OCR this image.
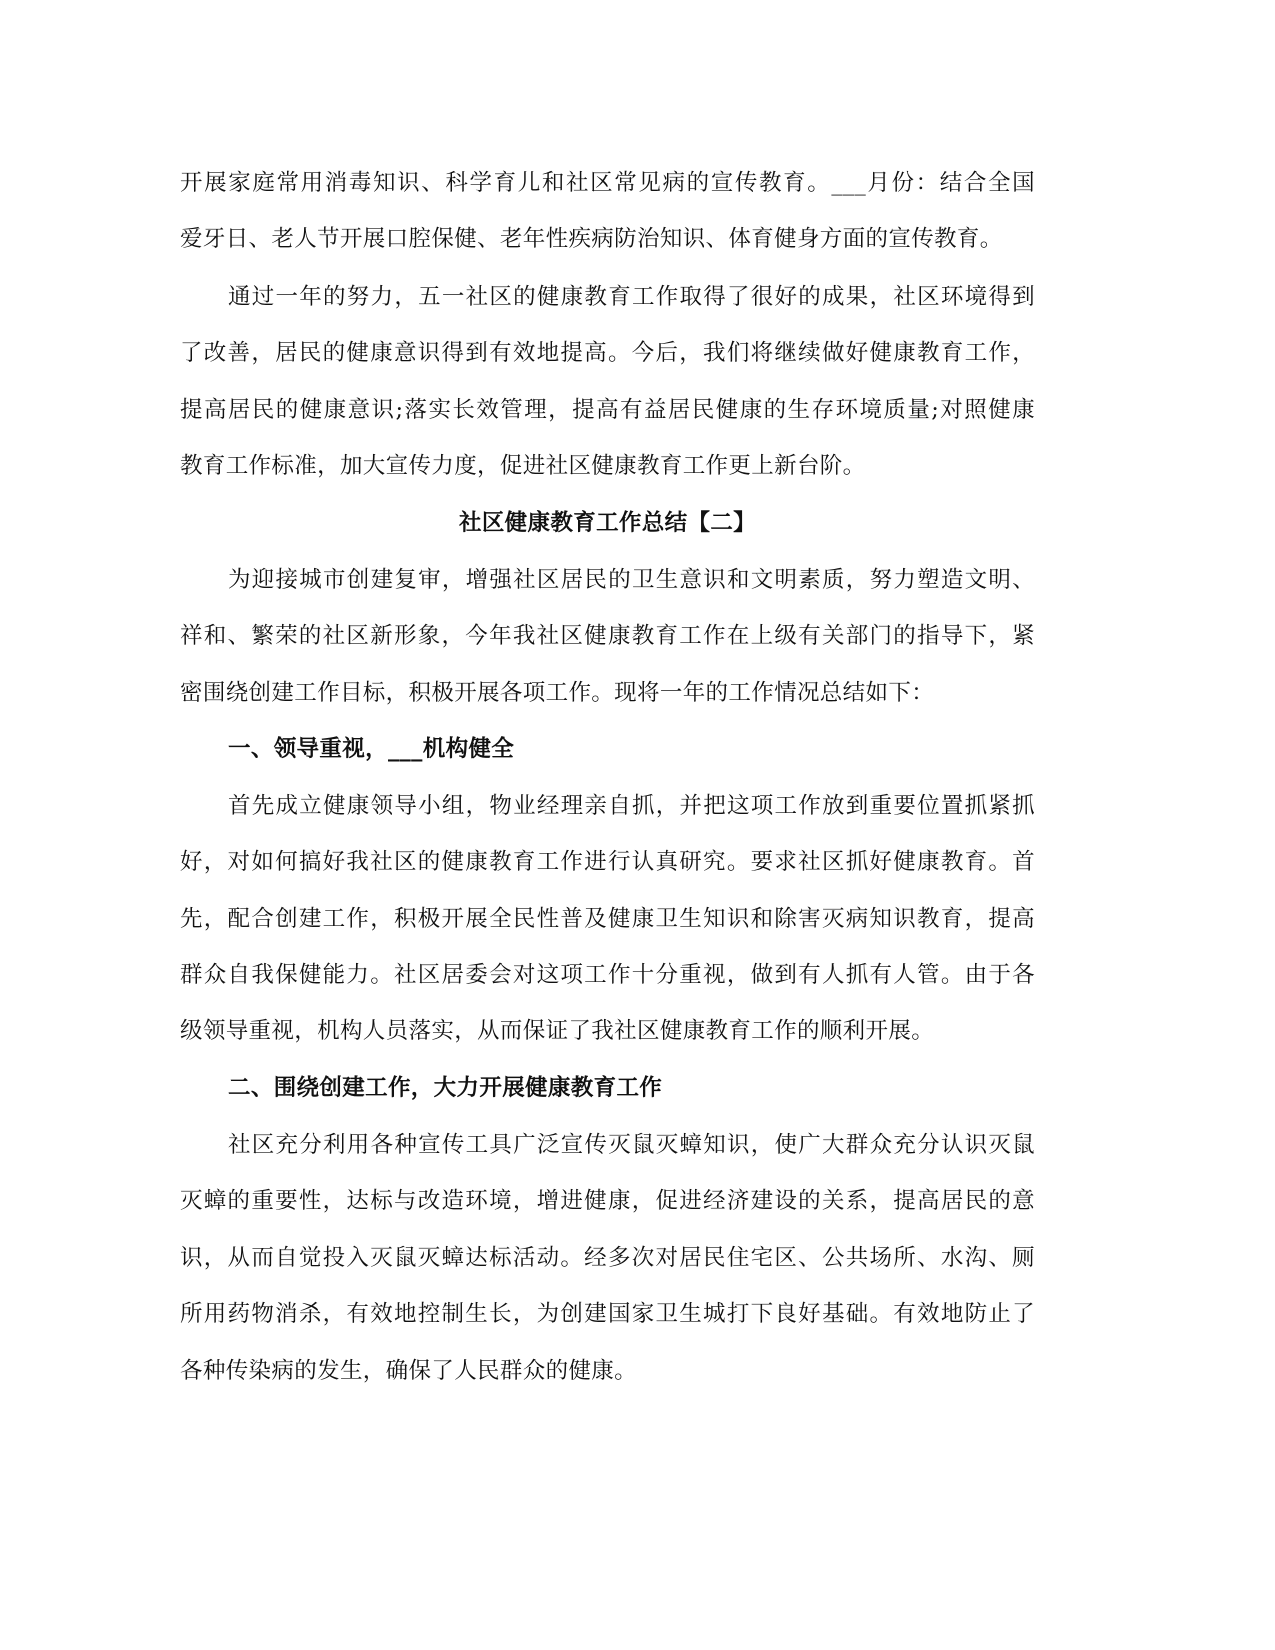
开展家庭常用消毒知识、科学育儿和社区常见病的宣传教育。___月份：结合全国
爱牙日、老人节开展口腔保健、老年性疾病防治知识、体育健身方面的宣传教育。
通过一年的努力，五一社区的健康教育工作取得了很好的成果，社区环境得到
了改善，居民的健康意识得到有效地提高。今后，我们将继续做好健康教育工作，
提高居民的健康意识;落实长效管理，提高有益居民健康的生存环境质量;对照健康
教育工作标准，加大宣传力度，促进社区健康教育工作更上新台阶。
社区健康教育工作总结【二】
为迎接城市创建复审，增强社区居民的卫生意识和文明素质，努力塑造文明、
祥和、繁荣的社区新形象，今年我社区健康教育工作在上级有关部门的指导下，紧
密围绕创建工作目标，积极开展各项工作。现将一年的工作情况总结如下：
一、领导重视，___机构健全
首先成立健康领导小组，物业经理亲自抓，并把这项工作放到重要位置抓紧抓
好，对如何搞好我社区的健康教育工作进行认真研究。要求社区抓好健康教育。首
先，配合创建工作，积极开展全民性普及健康卫生知识和除害灭病知识教育，提高
群众自我保健能力。社区居委会对这项工作十分重视，做到有人抓有人管。由于各
级领导重视，机构人员落实，从而保证了我社区健康教育工作的顺利开展。
二、围绕创建工作，大力开展健康教育工作
社区充分利用各种宣传工具广泛宣传灭鼠灭蟑知识，使广大群众充分认识灭鼠
灭蟑的重要性，达标与改造环境，增进健康，促进经济建设的关系，提高居民的意
识，从而自觉投入灭鼠灭蟑达标活动。经多次对居民住宅区、公共场所、水沟、厕
所用药物消杀，有效地控制生长，为创建国家卫生城打下良好基础。有效地防止了
各种传染病的发生，确保了人民群众的健康。
